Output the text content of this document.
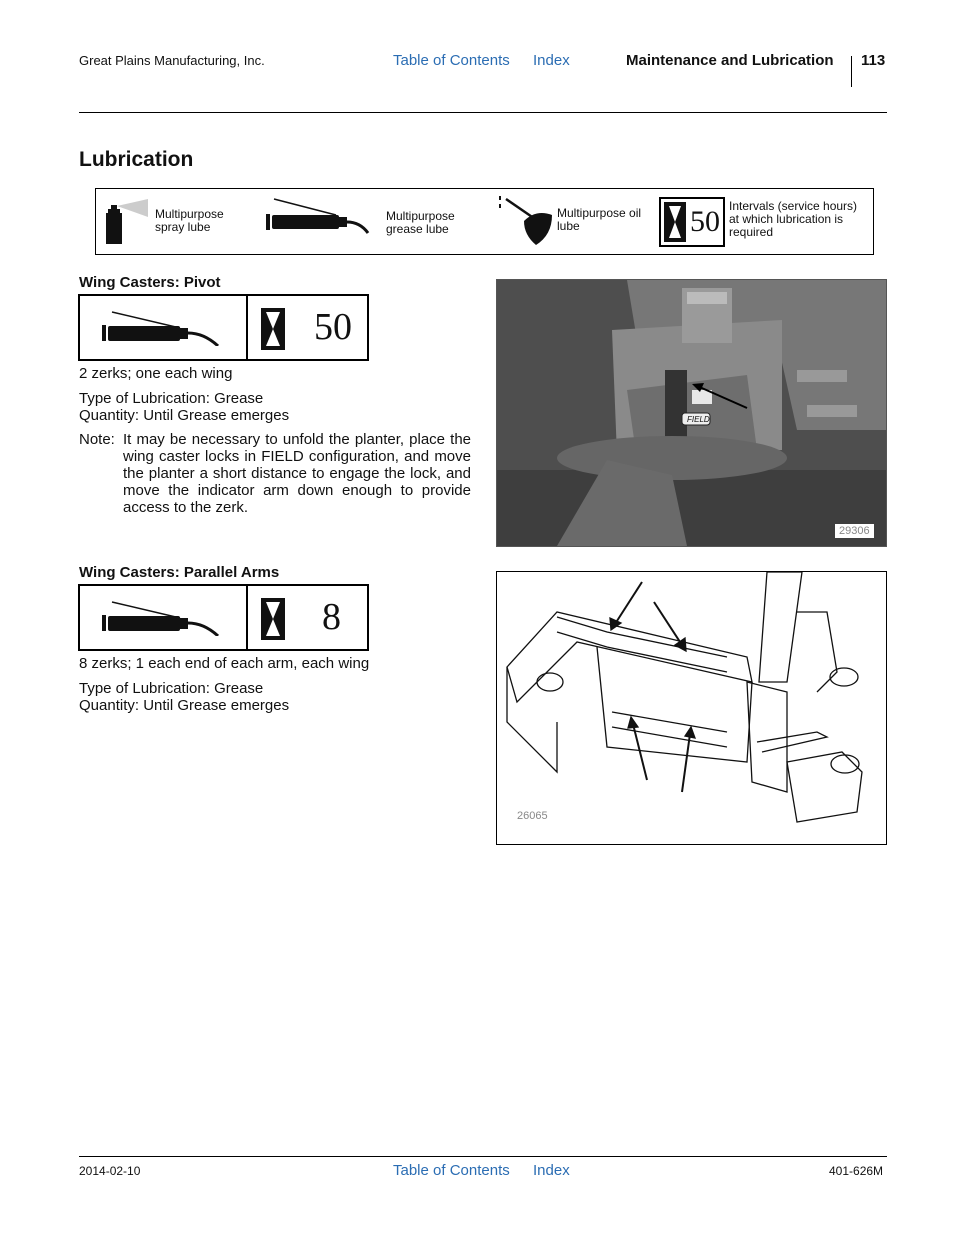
Great Plains Manufacturing, Inc.	Table of Contents Index	Maintenance and Lubrication 113
Lubrication
Multipurpose spray lube
Multipurpose grease lube
Multipurpose oil lube	50 Intervals (service hours) at which lubrication is required
Wing Casters: Pivot
50
2 zerks; one each wing
Type of Lubrication: Grease
Quantity: Until Grease emerges
Note: It may be necessary to unfold the planter, place the wing caster locks in FIELD configuration, and move the planter a short distance to engage the lock, and move the indicator arm down enough to provide access to the zerk.
FIELD
29306
Wing Casters: Parallel Arms
8
8 zerks; 1 each end of each arm, each wing
Type of Lubrication: Grease
Quantity: Until Grease emerges
26065
2014-02-10	Table of Contents Index	401-626M
